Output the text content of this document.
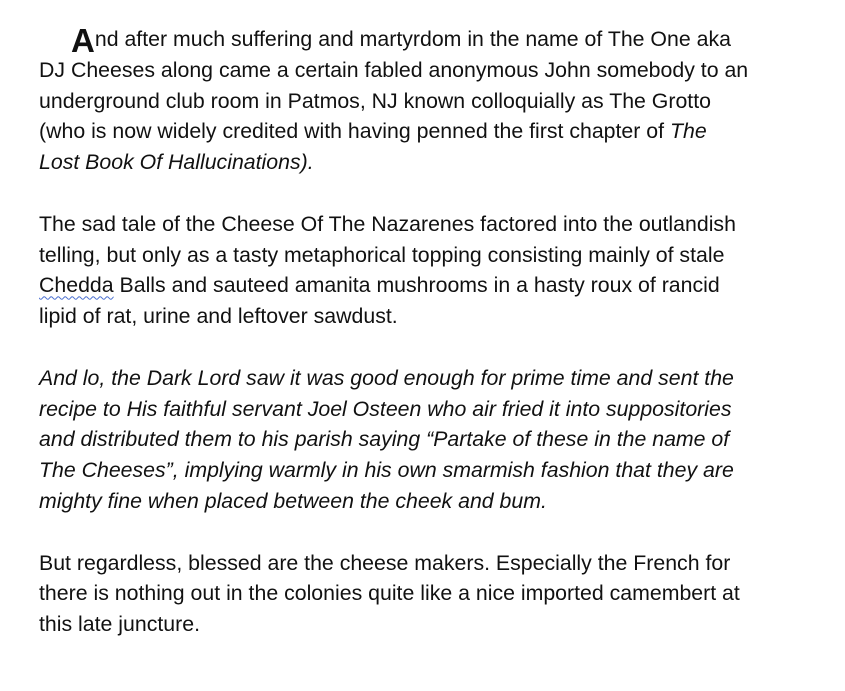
And after much suffering and martyrdom in the name of The One aka
DJ Cheeses along came a certain fabled anonymous John somebody to an
underground club room in Patmos, NJ known colloquially as The Grotto
(who is now widely credited with having penned the first chapter of The
Lost Book Of Hallucinations).

The sad tale of the Cheese Of The Nazarenes factored into the outlandish
telling, but only as a tasty metaphorical topping consisting mainly of stale
Chedda Balls and sauteed amanita mushrooms in a hasty roux of rancid
lipid of rat, urine and leftover sawdust.

And lo, the Dark Lord saw it was good enough for prime time and sent the
recipe to His faithful servant Joel Osteen who air fried it into suppositories
and distributed them to his parish saying “Partake of these in the name of
The Cheeses”, implying warmly in his own smarmish fashion that they are
mighty fine when placed between the cheek and bum.

But regardless, blessed are the cheese makers. Especially the French for
there is nothing out in the colonies quite like a nice imported camembert at
this late juncture.
